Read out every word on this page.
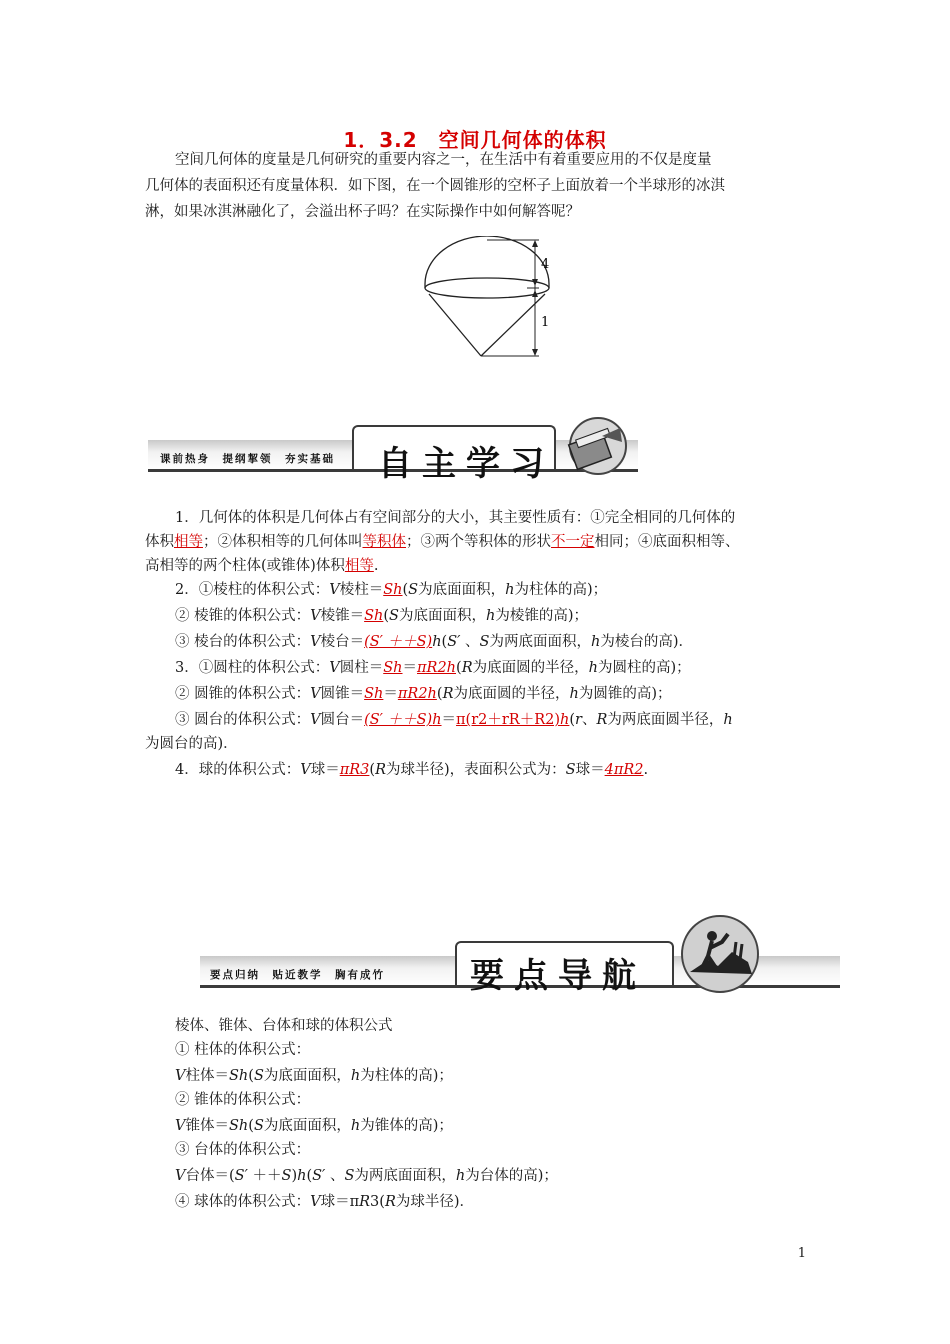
1．3.2　空间几何体的体积
空间几何体的度量是几何研究的重要内容之一，在生活中有着重要应用的不仅是度量
几何体的表面积还有度量体积．如下图，在一个圆锥形的空杯子上面放着一个半球形的冰淇
淋，如果冰淇淋融化了，会溢出杯子吗？在实际操作中如何解答呢？
4
1
课前热身　提纲挈领　夯实基础 自主学习
1．几何体的体积是几何体占有空间部分的大小，其主要性质有：①完全相同的几何体的
体积相等；②体积相等的几何体叫等积体；③两个等积体的形状不一定相同；④底面积相等、
高相等的两个柱体(或锥体)体积相等.
2．①棱柱的体积公式：V棱柱＝Sh(S为底面面积，h为柱体的高)；
② 棱锥的体积公式：V棱锥＝Sh(S为底面面积，h为棱锥的高)；
③ 棱台的体积公式：V棱台＝(S′ ＋＋S)h(S′ 、S为两底面面积，h为棱台的高)．
3．①圆柱的体积公式：V圆柱＝Sh＝πR2h(R为底面圆的半径，h为圆柱的高)；
② 圆锥的体积公式：V圆锥＝Sh＝πR2h(R为底面圆的半径，h为圆锥的高)；
③ 圆台的体积公式：V圆台＝(S′ ＋＋S)h＝π(r2＋rR＋R2)h(r、R为两底面圆半径，h
为圆台的高)．
4．球的体积公式：V球＝πR3(R为球半径)，表面积公式为：S球＝4πR2.
要点归纳　贴近教学　胸有成竹	要点导航
棱体、锥体、台体和球的体积公式
① 柱体的体积公式：
V柱体＝Sh(S为底面面积，h为柱体的高)；
② 锥体的体积公式：
V锥体＝Sh(S为底面面积，h为锥体的高)；
③ 台体的体积公式：
V台体＝(S′ ＋＋S)h(S′ 、S为两底面面积，h为台体的高)；
④ 球体的体积公式：V球＝πR3(R为球半径)．
1
